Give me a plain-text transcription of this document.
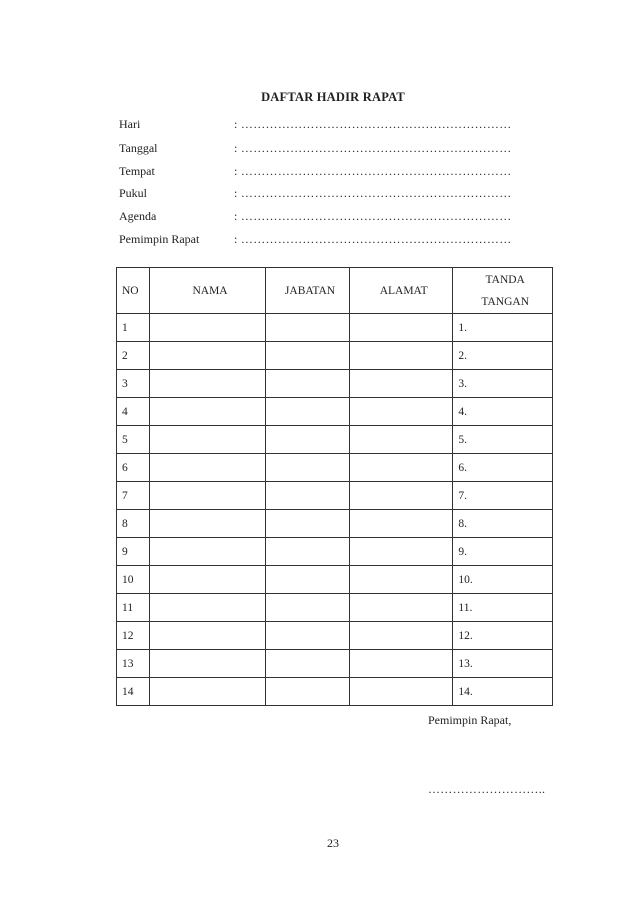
DAFTAR HADIR RAPAT
Hari	: …………………………………………………………
Tanggal	: …………………………………………………………
Tempat	: …………………………………………………………
Pukul	: …………………………………………………………
Agenda	: …………………………………………………………
Pemimpin Rapat	: …………………………………………………………
NO	NAMA	JABATAN	ALAMAT	TANDA
TANGAN

1				1.
2				2.
3				3.
4				4.
5				5.
6				6.
7				7.
8				8.
9				9.
10				10.
11				11.
12				12.
13				13.
14				14.
Pemimpin Rapat,
………………………..
23
